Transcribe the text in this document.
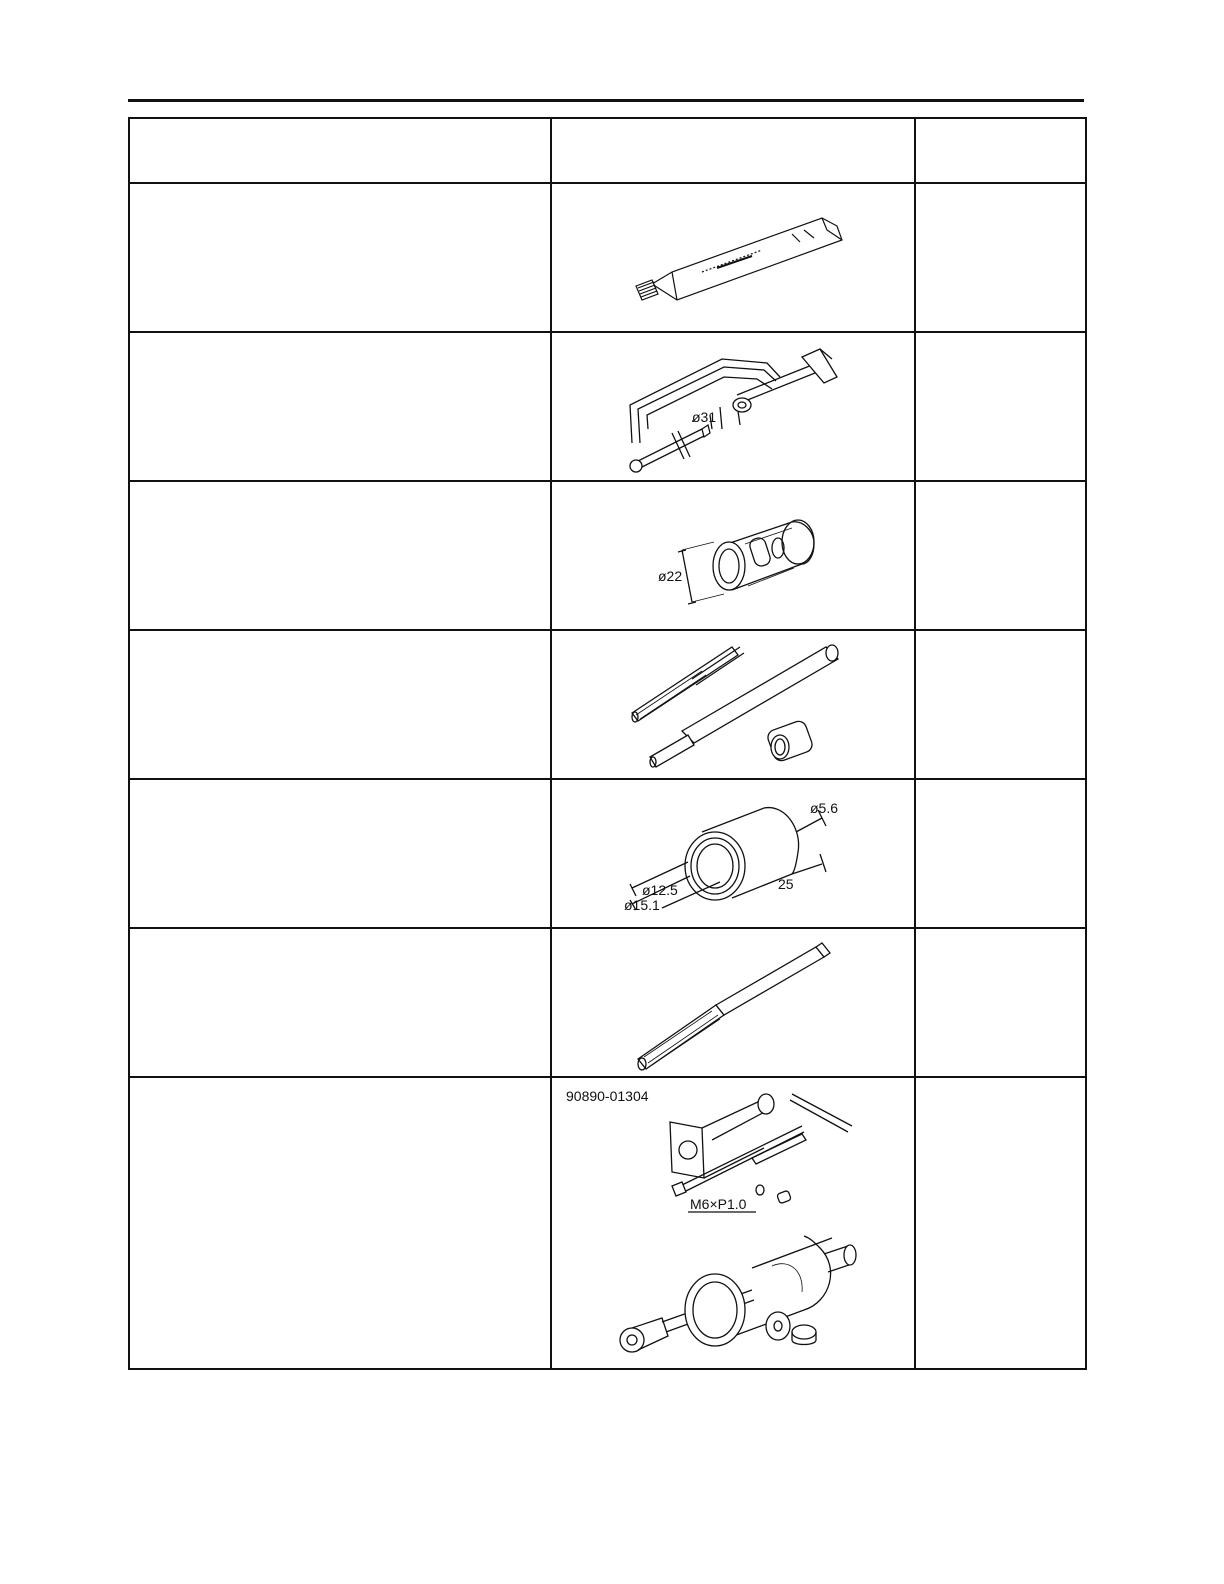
ø31	

ø22	

ø5.6
25
ø12.5
ø15.1	

	90890-01304
M6×P1.0	
